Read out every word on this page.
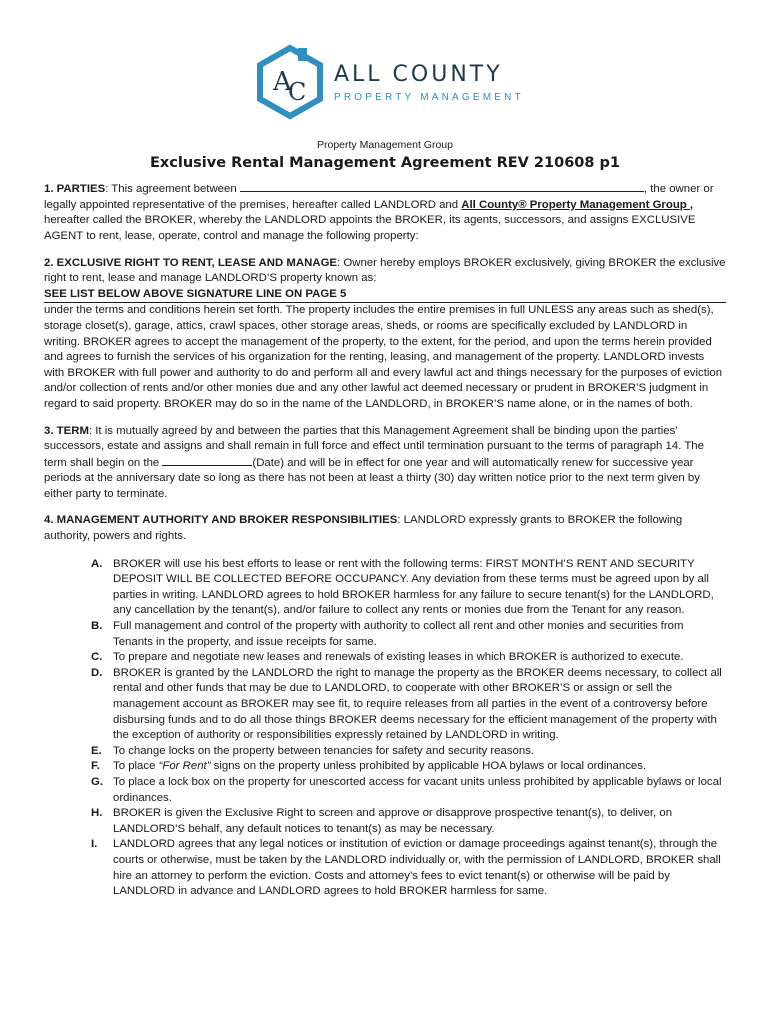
A
C
ALL COUNTY
PROPERTY MANAGEMENT
Property Management Group
Exclusive Rental Management Agreement REV 210608 p1

1. PARTIES: This agreement between	, the owner or legally appointed representative of the premises, hereafter called LANDLORD and All County® Property Management Group , hereafter called the BROKER, whereby the LANDLORD appoints the BROKER, its agents, successors, and assigns EXCLUSIVE AGENT to rent, lease, operate, control and manage the following property:

2. EXCLUSIVE RIGHT TO RENT, LEASE AND MANAGE: Owner hereby employs BROKER exclusively, giving BROKER the exclusive right to rent, lease and manage LANDLORD’S property known as:

SEE LIST BELOW ABOVE SIGNATURE LINE ON PAGE 5

under the terms and conditions herein set forth. The property includes the entire premises in full UNLESS any areas such as shed(s), storage closet(s), garage, attics, crawl spaces, other storage areas, sheds, or rooms are specifically excluded by LANDLORD in writing. BROKER agrees to accept the management of the property, to the extent, for the period, and upon the terms herein provided and agrees to furnish the services of his organization for the renting, leasing, and management of the property. LANDLORD invests with BROKER with full power and authority to do and perform all and every lawful act and things necessary for the purposes of eviction and/or collection of rents and/or other monies due and any other lawful act deemed necessary or prudent in BROKER’S judgment in regard to said property. BROKER may do so in the name of the LANDLORD, in BROKER’S name alone, or in the names of both.

3. TERM: It is mutually agreed by and between the parties that this Management Agreement shall be binding upon the parties’ successors, estate and assigns and shall remain in full force and effect until termination pursuant to the terms of paragraph 14. The term shall begin on the	(Date) and will be in effect for one year and will automatically renew for successive year periods at the anniversary date so long as there has not been at least a thirty (30) day written notice prior to the next term given by either party to terminate.

4. MANAGEMENT AUTHORITY AND BROKER RESPONSIBILITIES: LANDLORD expressly grants to BROKER the following authority, powers and rights.

A. BROKER will use his best efforts to lease or rent with the following terms: FIRST MONTH’S RENT AND SECURITY DEPOSIT WILL BE COLLECTED BEFORE OCCUPANCY. Any deviation from these terms must be agreed upon by all parties in writing. LANDLORD agrees to hold BROKER harmless for any failure to secure tenant(s) for the LANDLORD, any cancellation by the tenant(s), and/or failure to collect any rents or monies due from the Tenant for any reason.
B. Full management and control of the property with authority to collect all rent and other monies and securities from Tenants in the property, and issue receipts for same.
C. To prepare and negotiate new leases and renewals of existing leases in which BROKER is authorized to execute.
D. BROKER is granted by the LANDLORD the right to manage the property as the BROKER deems necessary, to collect all rental and other funds that may be due to LANDLORD, to cooperate with other BROKER’S or assign or sell the management account as BROKER may see fit, to require releases from all parties in the event of a controversy before disbursing funds and to do all those things BROKER deems necessary for the efficient management of the property with the exception of authority or responsibilities expressly retained by LANDLORD in writing.
E. To change locks on the property between tenancies for safety and security reasons.
F. To place “For Rent” signs on the property unless prohibited by applicable HOA bylaws or local ordinances.
G. To place a lock box on the property for unescorted access for vacant units unless prohibited by applicable bylaws or local ordinances.
H. BROKER is given the Exclusive Right to screen and approve or disapprove prospective tenant(s), to deliver, on LANDLORD’S behalf, any default notices to tenant(s) as may be necessary.
I. LANDLORD agrees that any legal notices or institution of eviction or damage proceedings against tenant(s), through the courts or otherwise, must be taken by the LANDLORD individually or, with the permission of LANDLORD, BROKER shall hire an attorney to perform the eviction. Costs and attorney’s fees to evict tenant(s) or otherwise will be paid by LANDLORD in advance and LANDLORD agrees to hold BROKER harmless for same.
